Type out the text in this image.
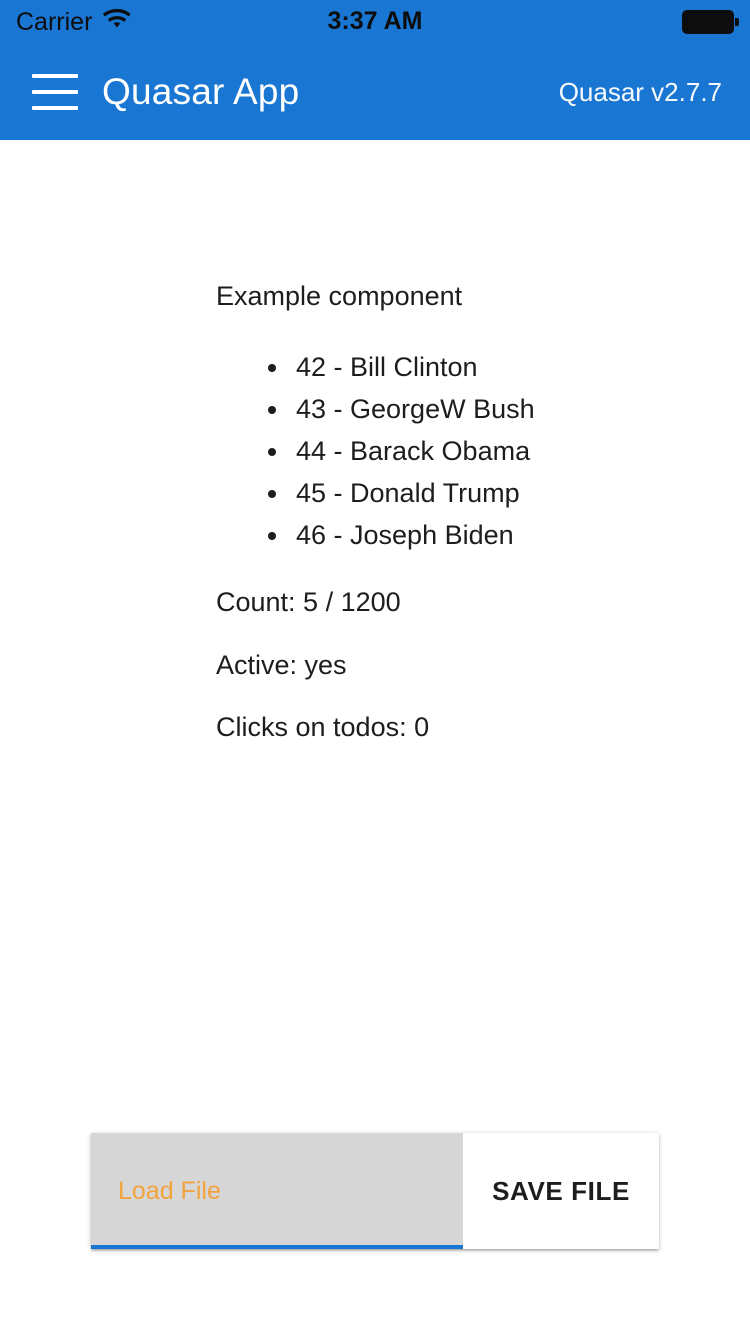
Carrier	3:37 AM
Quasar App	Quasar v2.7.7
Example component
42 - Bill Clinton
43 - GeorgeW Bush
44 - Barack Obama
45 - Donald Trump
46 - Joseph Biden
Count: 5 / 1200
Active: yes
Clicks on todos: 0
Load File	SAVE FILE
